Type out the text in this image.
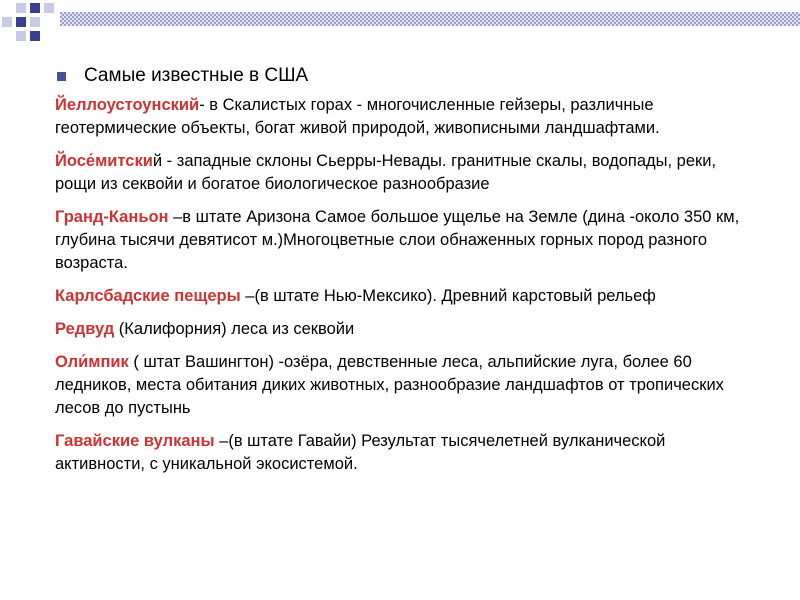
Самые известные в США

Йеллоустоунский- в Скалистых горах - многочисленные гейзеры, различные геотермические объекты, богат живой природой, живописными ландшафтами.

Йосе́митский - западные склоны Сьерры-Невады. гранитные скалы, водопады, реки, рощи из секвойи и богатое биологическое разнообразие

Гранд-Каньон –в штате Аризона Самое большое ущелье на Земле (дина -около 350 км, глубина тысячи девятисот м.)Многоцветные слои обнаженных горных пород разного возраста.

Карлсбадские пещеры –(в штате Нью-Мексико). Древний карстовый рельеф

Редвуд (Калифорния) леса из секвойи

Оли́мпик ( штат Вашингтон) -озёра, девственные леса, альпийские луга, более 60 ледников, места обитания диких животных, разнообразие ландшафтов от тропических лесов до пустынь

Гавайские вулканы –(в штате Гавайи) Результат тысячелетней вулканической активности, с уникальной экосистемой.
